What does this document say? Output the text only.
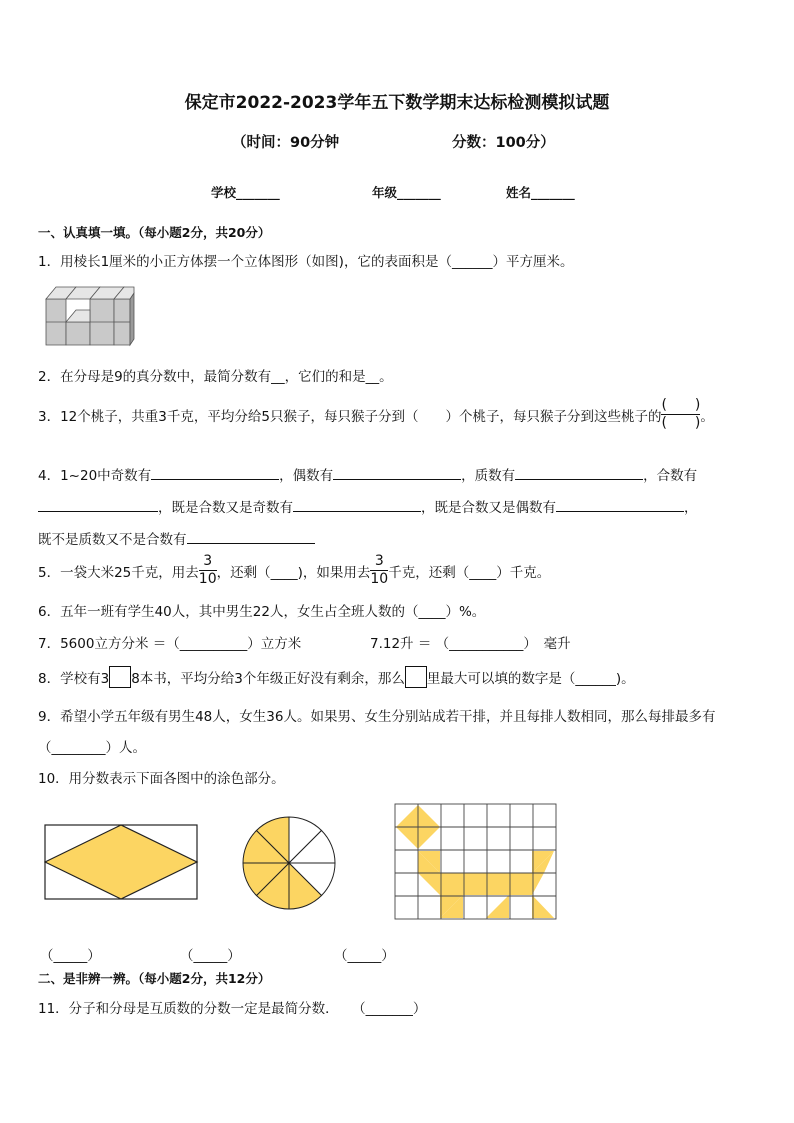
保定市2022-2023学年五下数学期末达标检测模拟试题
（时间：90分钟	分数：100分）
学校_______	年级_______	姓名_______
一、认真填一填。（每小题2分，共20分）
1．用棱长1厘米的小正方体摆一个立体图形（如图)，它的表面积是（______）平方厘米。
2．在分母是9的真分数中，最简分数有__，它们的和是__。
3．12个桃子，共重3千克，平均分给5只猴子，每只猴子分到（　　）个桃子，每只猴子分到这些桃子的 $\frac{( )}{( )}$ 。
4．1~20中奇数有	，偶数有	，质数有	，合数有
，既是合数又是奇数有	，既是合数又是偶数有	，
既不是质数又不是合数有
5．一袋大米25千克，用去 $\frac{3}{10}$ ，还剩（____)，如果用去 $\frac{3}{10}$ 千克，还剩（____）千克。
6．五年一班有学生40人，其中男生22人，女生占全班人数的（____）%。
7．5600立方分米 ＝（__________）立方米	7.12升 ＝ （___________）　毫升
8．学校有3 8本书，平均分给3个年级正好没有剩余，那么 里最大可以填的数字是（______)。
9．希望小学五年级有男生48人，女生36人。如果男、女生分别站成若干排，并且每排人数相同，那么每排最多有
（________）人。
10．用分数表示下面各图中的涂色部分。
（_____）	（_____）	（_____）
二、是非辨一辨。（每小题2分，共12分）
11．分子和分母是互质数的分数一定是最简分数．　　（_______）
